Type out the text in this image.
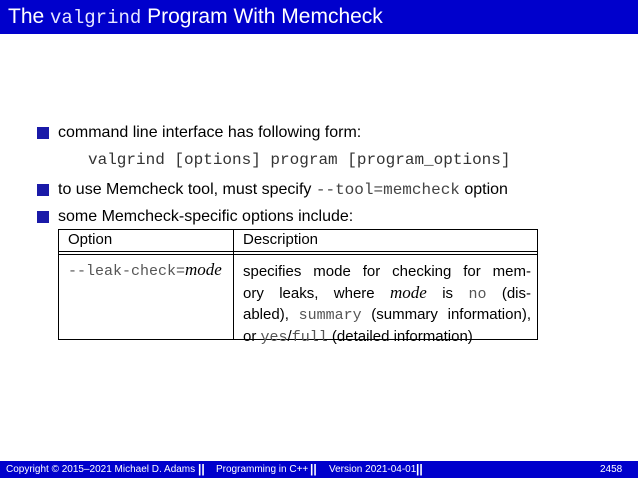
The valgrind Program With Memcheck
command line interface has following form:
valgrind [options] program [program_options]
to use Memcheck tool, must specify --tool=memcheck option
some Memcheck-specific options include:
Option	Description
--leak-check=mode specifies mode for checking for mem-
ory leaks, where mode is no (dis-
abled), summary (summary information),
or yes/full (detailed information)
Copyright © 2015–2021 Michael D. Adams || Programming in C++ || Version 2021-04-01 ||	2458
